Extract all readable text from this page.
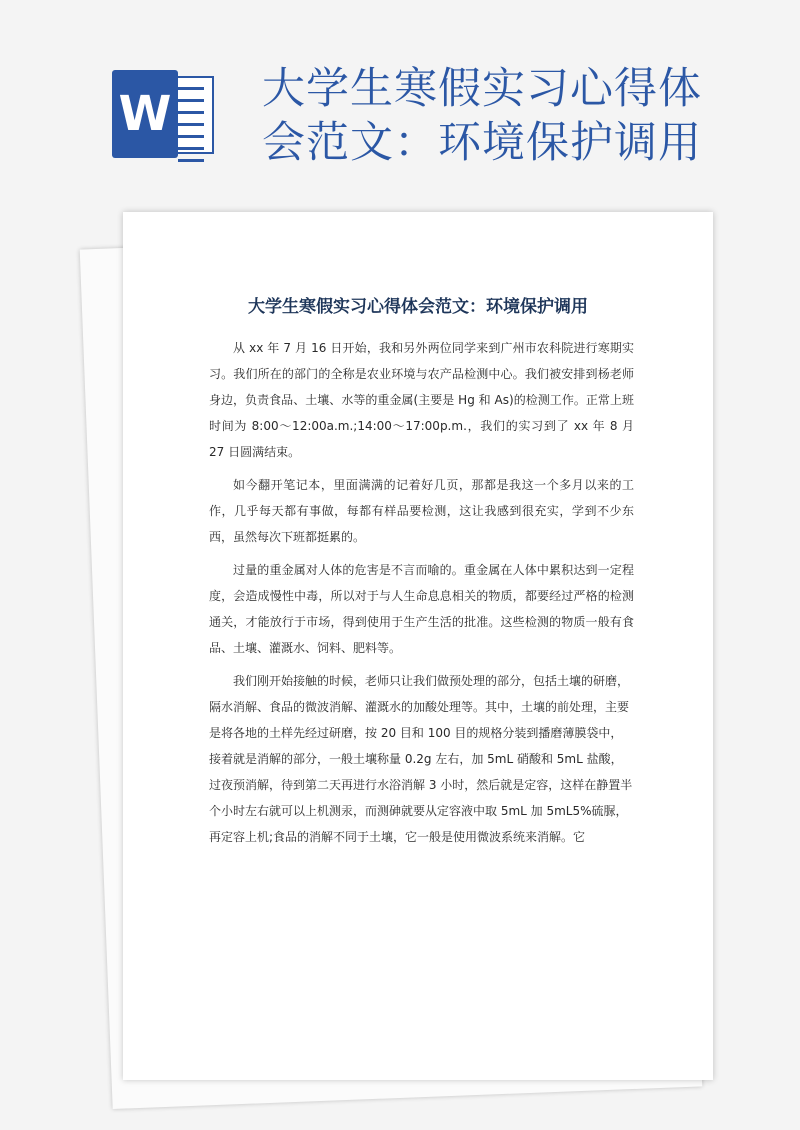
W 大学生寒假实习心得体会范文：环境保护调用
大学生寒假实习心得体会范文：环境保护调用

从 xx 年 7 月 16 日开始，我和另外两位同学来到广州市农科院进行寒期实习。我们所在的部门的全称是农业环境与农产品检测中心。我们被安排到杨老师身边，负责食品、土壤、水等的重金属(主要是 Hg 和 As)的检测工作。正常上班时间为 8:00～12:00a.m.;14:00～17:00p.m.，我们的实习到了 xx 年 8 月 27 日圆满结束。

如今翻开笔记本，里面满满的记着好几页，那都是我这一个多月以来的工作，几乎每天都有事做，每都有样品要检测，这让我感到很充实，学到不少东西，虽然每次下班都挺累的。

过量的重金属对人体的危害是不言而喻的。重金属在人体中累积达到一定程度，会造成慢性中毒，所以对于与人生命息息相关的物质，都要经过严格的检测通关，才能放行于市场，得到使用于生产生活的批准。这些检测的物质一般有食品、土壤、灌溉水、饲料、肥料等。

我们刚开始接触的时候，老师只让我们做预处理的部分，包括土壤的研磨，隔水消解、食品的微波消解、灌溉水的加酸处理等。其中，土壤的前处理，主要是将各地的土样先经过研磨，按 20 目和 100 目的规格分装到播磨薄膜袋中，接着就是消解的部分，一般土壤称量 0.2g 左右，加 5mL 硝酸和 5mL 盐酸，过夜预消解，待到第二天再进行水浴消解 3 小时，然后就是定容，这样在静置半个小时左右就可以上机测汞，而测砷就要从定容液中取 5mL 加 5mL5%硫脲，再定容上机;食品的消解不同于土壤，它一般是使用微波系统来消解。它
